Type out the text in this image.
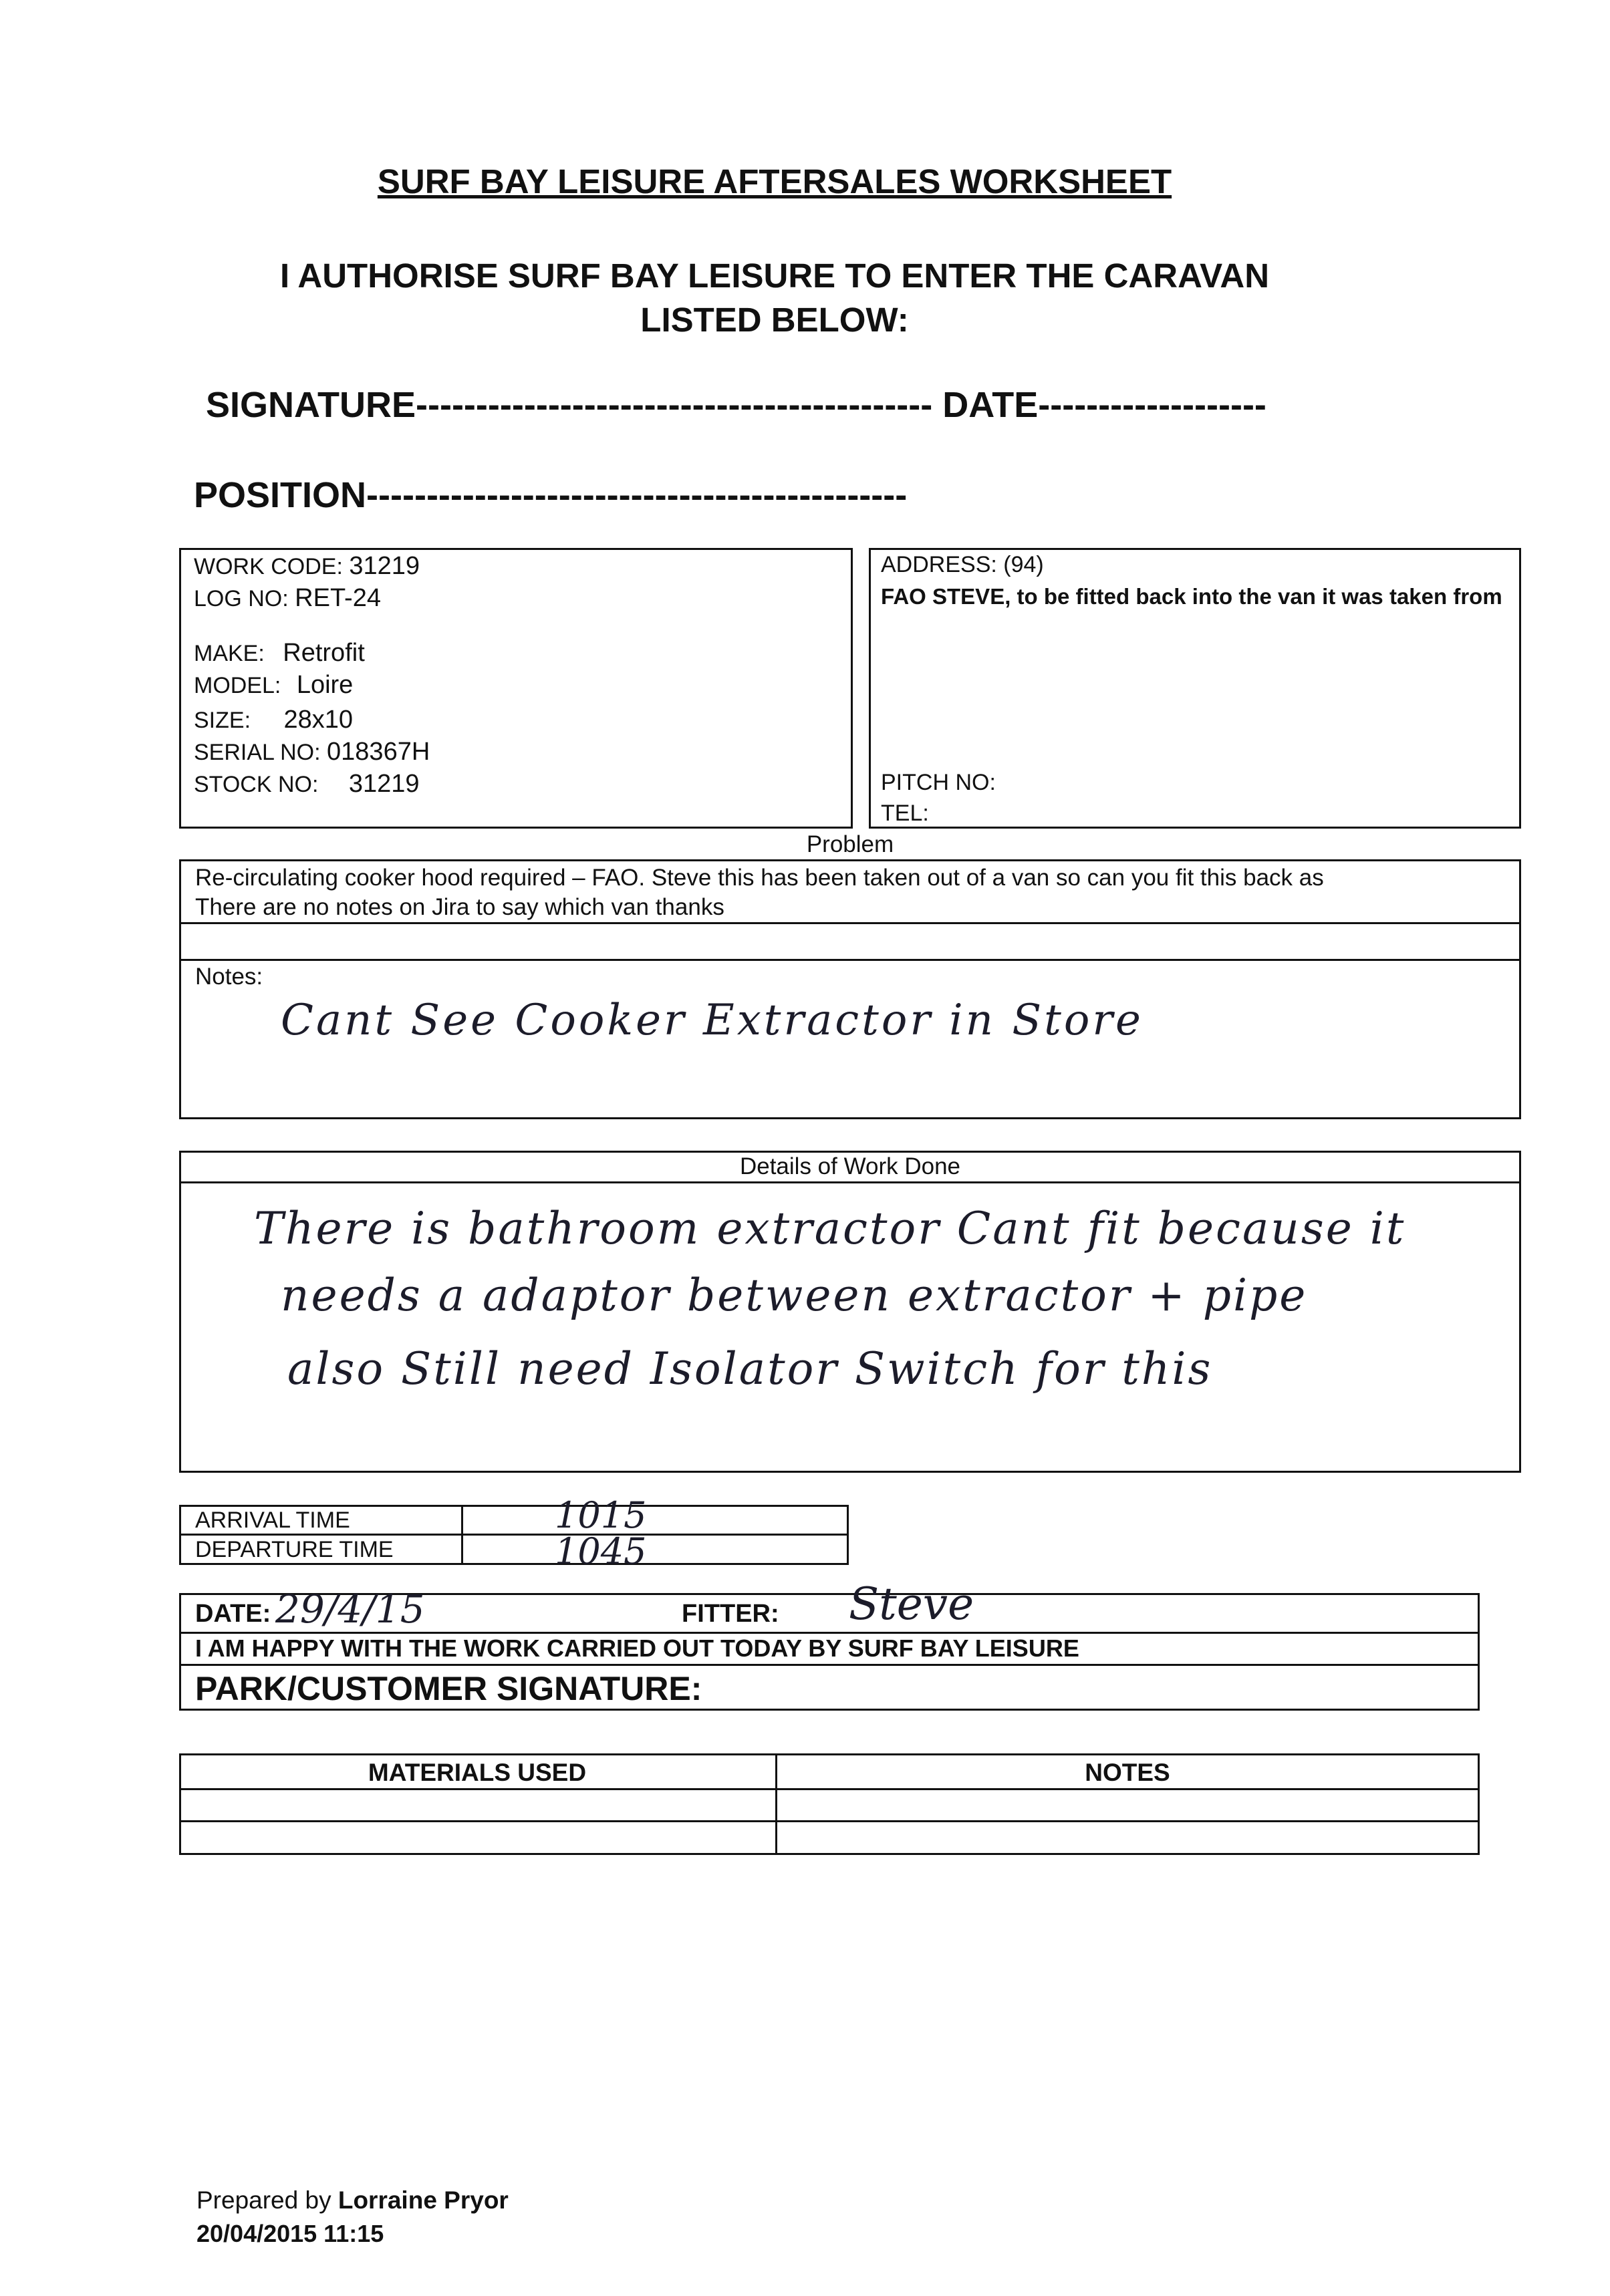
SURF BAY LEISURE AFTERSALES WORKSHEET
I AUTHORISE SURF BAY LEISURE TO ENTER THE CARAVAN
LISTED BELOW:
SIGNATURE------------------------------------------- DATE-------------------
POSITION---------------------------------------------
WORK CODE: 31219
LOG NO: RET-24
MAKE: Retrofit
MODEL: Loire
SIZE: 28x10
SERIAL NO: 018367H
STOCK NO: 31219
ADDRESS: (94)
FAO STEVE, to be fitted back into the van it was taken from
PITCH NO:
TEL:
Problem
Re-circulating cooker hood required – FAO. Steve this has been taken out of a van so can you fit this back as
There are no notes on Jira to say which van thanks
Notes:
Cant See Cooker Extractor in Store
Details of Work Done
There is bathroom extractor Cant fit because it
needs a adaptor between extractor + pipe
also Still need Isolator Switch for this
ARRIVAL TIME
DEPARTURE TIME
1015
1045
DATE: 29/4/15	FITTER: Steve
I AM HAPPY WITH THE WORK CARRIED OUT TODAY BY SURF BAY LEISURE
PARK/CUSTOMER SIGNATURE:
MATERIALS USED	NOTES
Prepared by Lorraine Pryor
20/04/2015 11:15
